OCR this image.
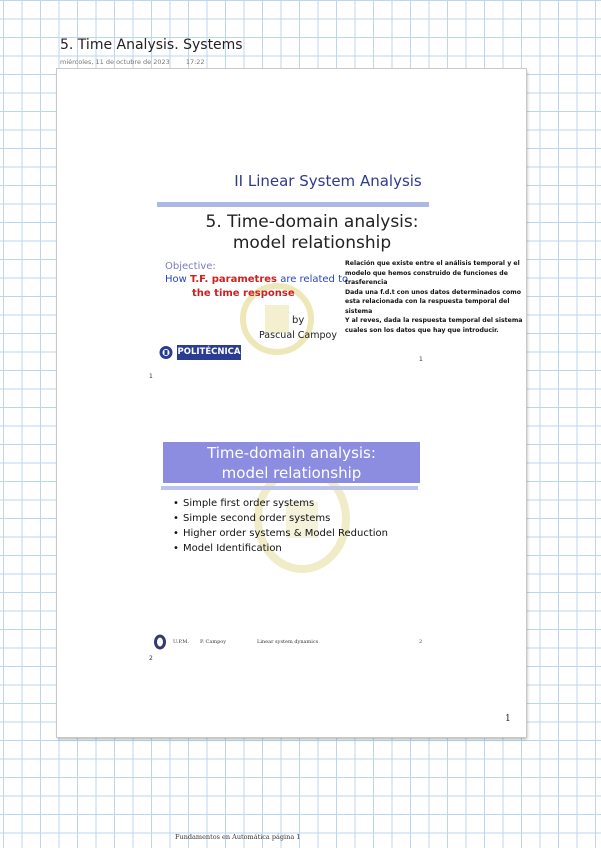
5. Time Analysis. Systems
miércoles, 11 de octubre de 2023 17:22
II Linear System Analysis
5. Time-domain analysis:
model relationship
Objective:
How T.F. parametres are related to
the time response
by
Pascual Campoy
POLITÉCNICA
1

Relación que existe entre el análisis temporal y el modelo que hemos construido de funciones de trasferencia

Dada una f.d.t con unos datos determinados como esta relacionada con la respuesta temporal del sistema

Y al reves, dada la respuesta temporal del sistema cuales son los datos que hay que introducir.

1
Time-domain analysis:
model relationship
• Simple first order systems
• Simple second order systems
• Higher order systems & Model Reduction
• Model Identification
U.P.M. P. Campoy	Linear system dynamics	2
2
1
Fundamentos en Automática página 1
